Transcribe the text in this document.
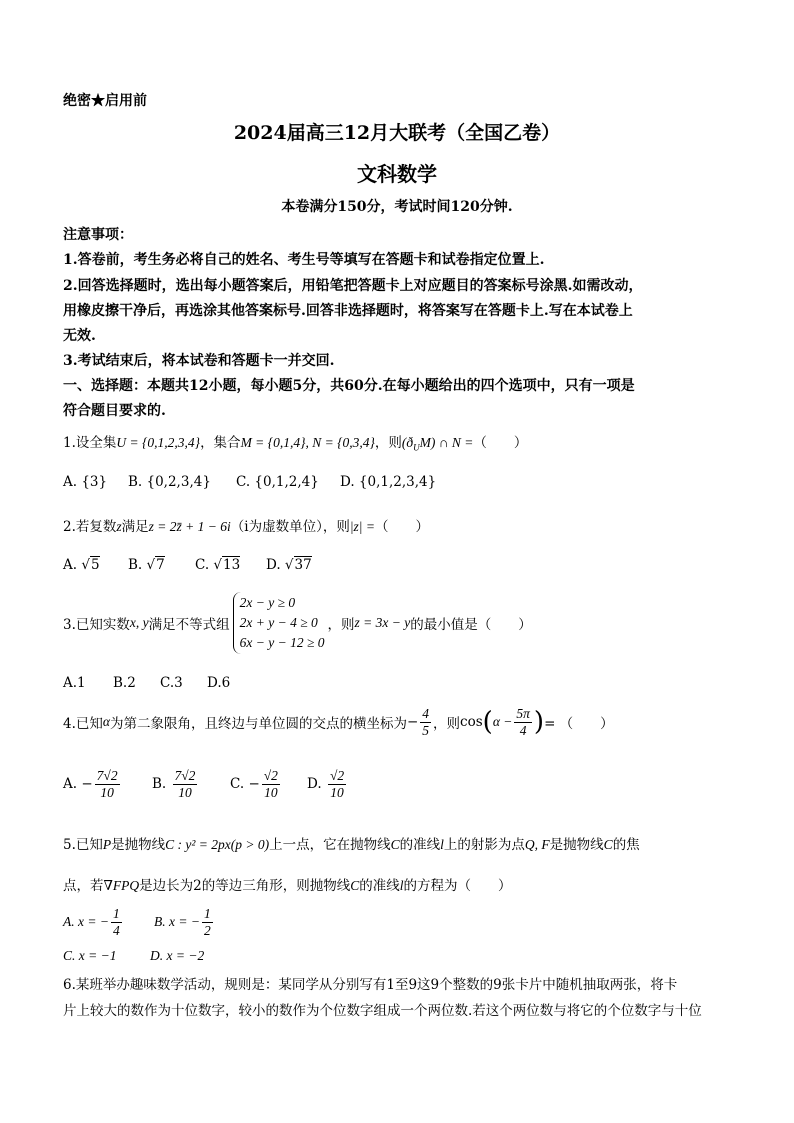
绝密★启用前
2024届高三12月大联考（全国乙卷）
文科数学
本卷满分150分，考试时间120分钟.
注意事项：
1.答卷前，考生务必将自己的姓名、考生号等填写在答题卡和试卷指定位置上.
2.回答选择题时，选出每小题答案后，用铅笔把答题卡上对应题目的答案标号涂黑.如需改动，
用橡皮擦干净后，再选涂其他答案标号.回答非选择题时，将答案写在答题卡上.写在本试卷上
无效.
3.考试结束后，将本试卷和答题卡一并交回.
一、选择题：本题共12小题，每小题5分，共60分.在每小题给出的四个选项中，只有一项是
符合题目要求的.
1.设全集U = {0,1,2,3,4}，集合M = {0,1,4}, N = {0,3,4}，则$(ð_UM)$ ∩ N =（　　）
A. {3} B. {0,2,3,4} C. {0,1,2,4} D. {0,1,2,3,4}
2.若复数z满足z = 2z̄ + 1 − 6i（i为虚数单位），则|z| =（　　）
A. √5 B. √7 C. √13 D. √37
3.已知实数x, y满足不等式组
2x − y ≥ 0
2x + y − 4 ≥ 0
6x − y − 12 ≥ 0
，则z = 3x − y的最小值是（　　）
A.1 B.2 C.3 D.6
4.已知α为第二象限角，且终边与单位圆的交点的横坐标为− $\frac{4}{5}$ ，则$\cos(\alpha - \frac{5\pi}{4}$ )= （　　）
A. − $\frac{7√2}{10} B$. $\frac{7√2}{10} C$. − $\frac{√2}{10} D$. $\frac{√2}{10}$
5.已知P是抛物线C : y² = 2px(p > 0)上一点，它在抛物线C的准线l上的射影为点Q, F是抛物线C的焦
点，若∇FPQ是边长为2的等边三角形，则抛物线C的准线l的方程为（　　）
A. x = − $\frac{1}{4} B$. x = − $\frac{1}{2}$
C. x = −1 D. x = −2
6.某班举办趣味数学活动，规则是：某同学从分别写有1至9这9个整数的9张卡片中随机抽取两张，将卡
片上较大的数作为十位数字，较小的数作为个位数字组成一个两位数.若这个两位数与将它的个位数字与十位
